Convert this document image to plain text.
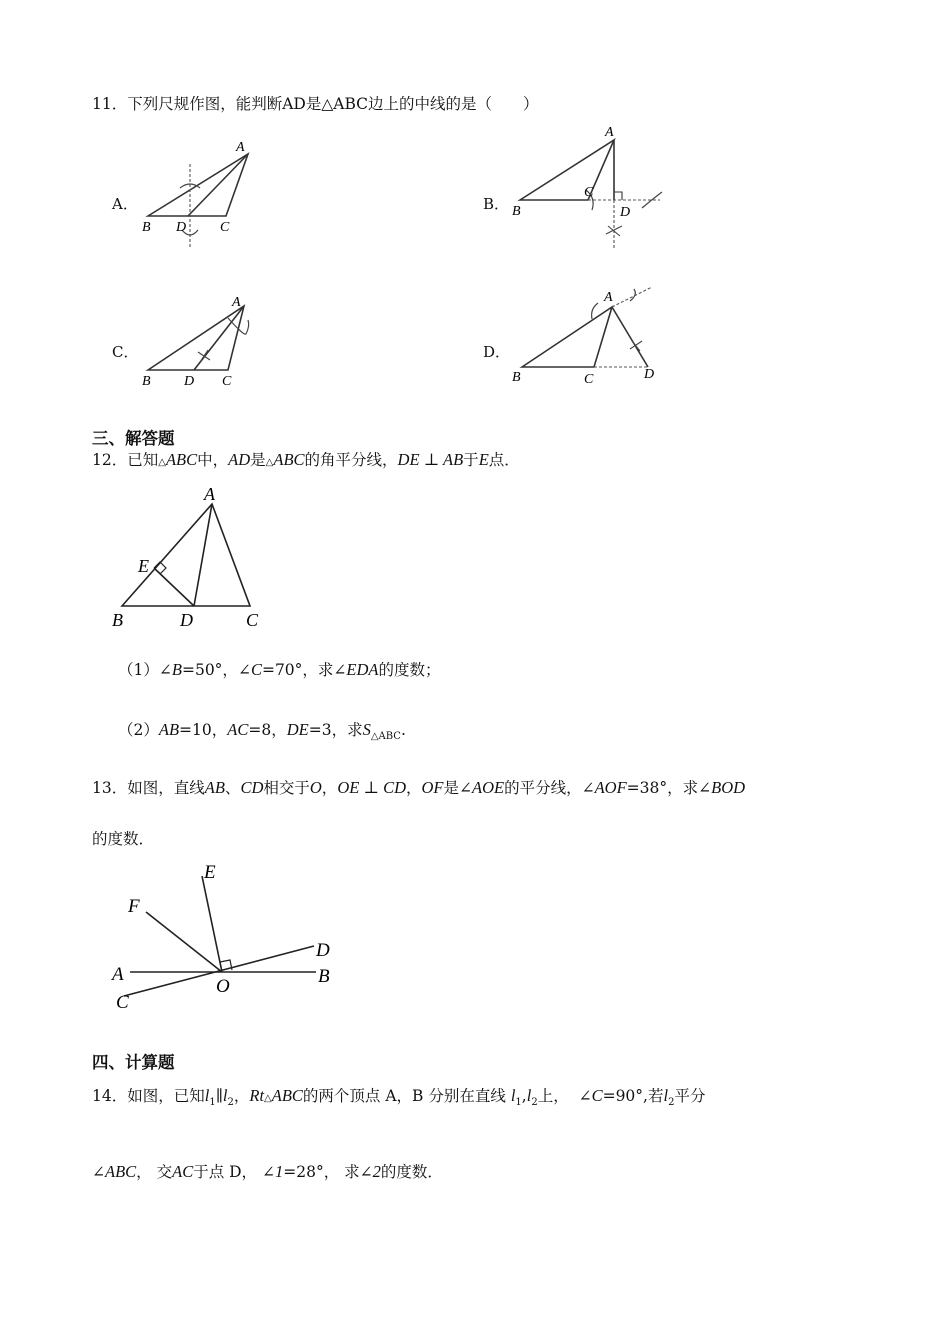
11．下列尺规作图，能判断AD是△ABC边上的中线的是（　　）
A．
A
B D C
B．
A
B
C
D
C．
A
B D C
D．
A
B	C	D
三、解答题
12．已知△ABC中，AD是△ABC的角平分线，DE ⊥ AB于E点．
A
E
B	D	C
（1）∠B=50°，∠C=70°，求∠EDA的度数；
（2）AB=10，AC=8，DE=3，求$S_{\triangle ABC}$.
13．如图，直线AB、CD相交于O，OE ⊥ CD，OF是∠AOE的平分线，∠AOF=38°，求∠BOD
的度数．
E
F
D
A	B
O
C
四、计算题
14．如图，已知$l_1\parallel l_2$，Rt△ABC的两个顶点 A，B 分别在直线 $l_1,l_2$上， ∠C=90°,若$l_2$平分
∠ABC， 交AC于点 D， ∠1=28°， 求∠2的度数．
